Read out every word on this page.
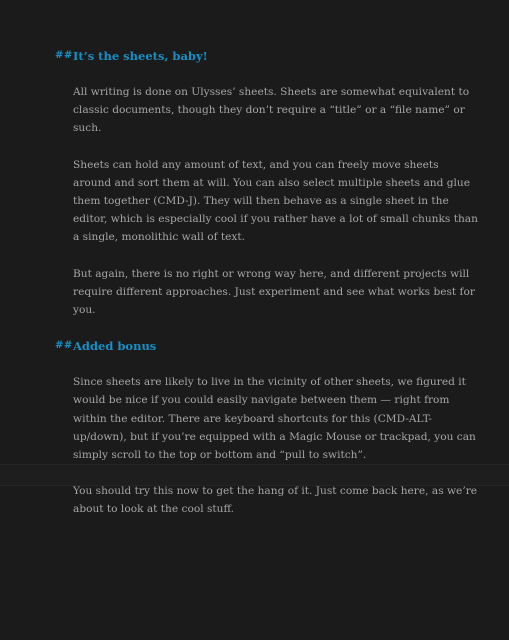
## It’s the sheets, baby!

All writing is done on Ulysses’ sheets. Sheets are somewhat equivalent to classic documents, though they don’t require a “title” or a “file name” or such.

Sheets can hold any amount of text, and you can freely move sheets around and sort them at will. You can also select multiple sheets and glue them together (CMD-J). They will then behave as a single sheet in the editor, which is especially cool if you rather have a lot of small chunks than a single, monolithic wall of text.

But again, there is no right or wrong way here, and different projects will require different approaches. Just experiment and see what works best for you.

## Added bonus

Since sheets are likely to live in the vicinity of other sheets, we figured it would be nice if you could easily navigate between them — right from within the editor. There are keyboard shortcuts for this (CMD-ALT-up/down), but if you’re equipped with a Magic Mouse or trackpad, you can simply scroll to the top or bottom and “pull to switch”.

You should try this now to get the hang of it. Just come back here, as we’re about to look at the cool stuff.
